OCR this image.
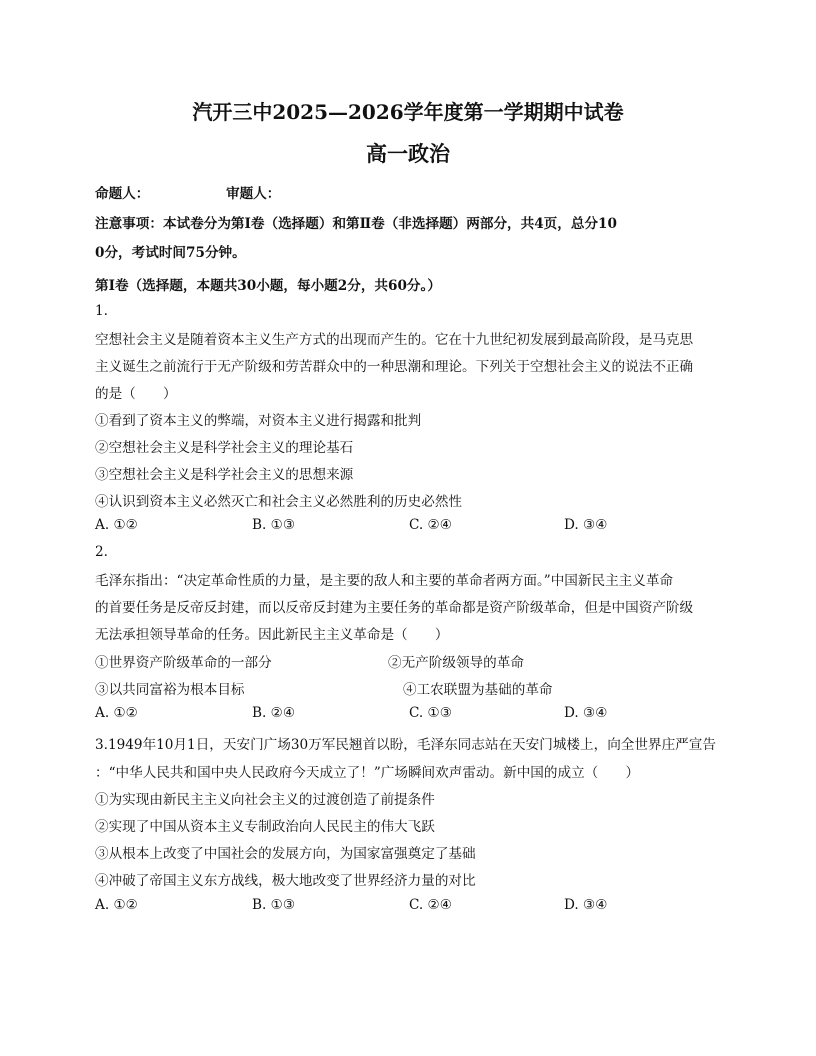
汽开三中2025—2026学年度第一学期期中试卷
高一政治
命题人：	审题人：
注意事项：本试卷分为第Ⅰ卷（选择题）和第Ⅱ卷（非选择题）两部分，共4页，总分10
0分，考试时间75分钟。
第Ⅰ卷（选择题，本题共30小题，每小题2分，共60分。）
1.
空想社会主义是随着资本主义生产方式的出现而产生的。它在十九世纪初发展到最高阶段，是马克思
主义诞生之前流行于无产阶级和劳苦群众中的一种思潮和理论。下列关于空想社会主义的说法不正确
的是（　　）
①看到了资本主义的弊端，对资本主义进行揭露和批判
②空想社会主义是科学社会主义的理论基石
③空想社会主义是科学社会主义的思想来源
④认识到资本主义必然灭亡和社会主义必然胜利的历史必然性
A. ①②	B. ①③	C. ②④	D. ③④
2.
毛泽东指出：“决定革命性质的力量，是主要的敌人和主要的革命者两方面。”中国新民主主义革命
的首要任务是反帝反封建，而以反帝反封建为主要任务的革命都是资产阶级革命，但是中国资产阶级
无法承担领导革命的任务。因此新民主主义革命是（　　）
①世界资产阶级革命的一部分	②无产阶级领导的革命
③以共同富裕为根本目标	④工农联盟为基础的革命
A. ①②	B. ②④	C. ①③	D. ③④
3.1949年10月1日，天安门广场30万军民翘首以盼，毛泽东同志站在天安门城楼上，向全世界庄严宣告
：“中华人民共和国中央人民政府今天成立了！”广场瞬间欢声雷动。新中国的成立（　　）
①为实现由新民主主义向社会主义的过渡创造了前提条件
②实现了中国从资本主义专制政治向人民民主的伟大飞跃
③从根本上改变了中国社会的发展方向，为国家富强奠定了基础
④冲破了帝国主义东方战线，极大地改变了世界经济力量的对比
A. ①②	B. ①③	C. ②④	D. ③④
